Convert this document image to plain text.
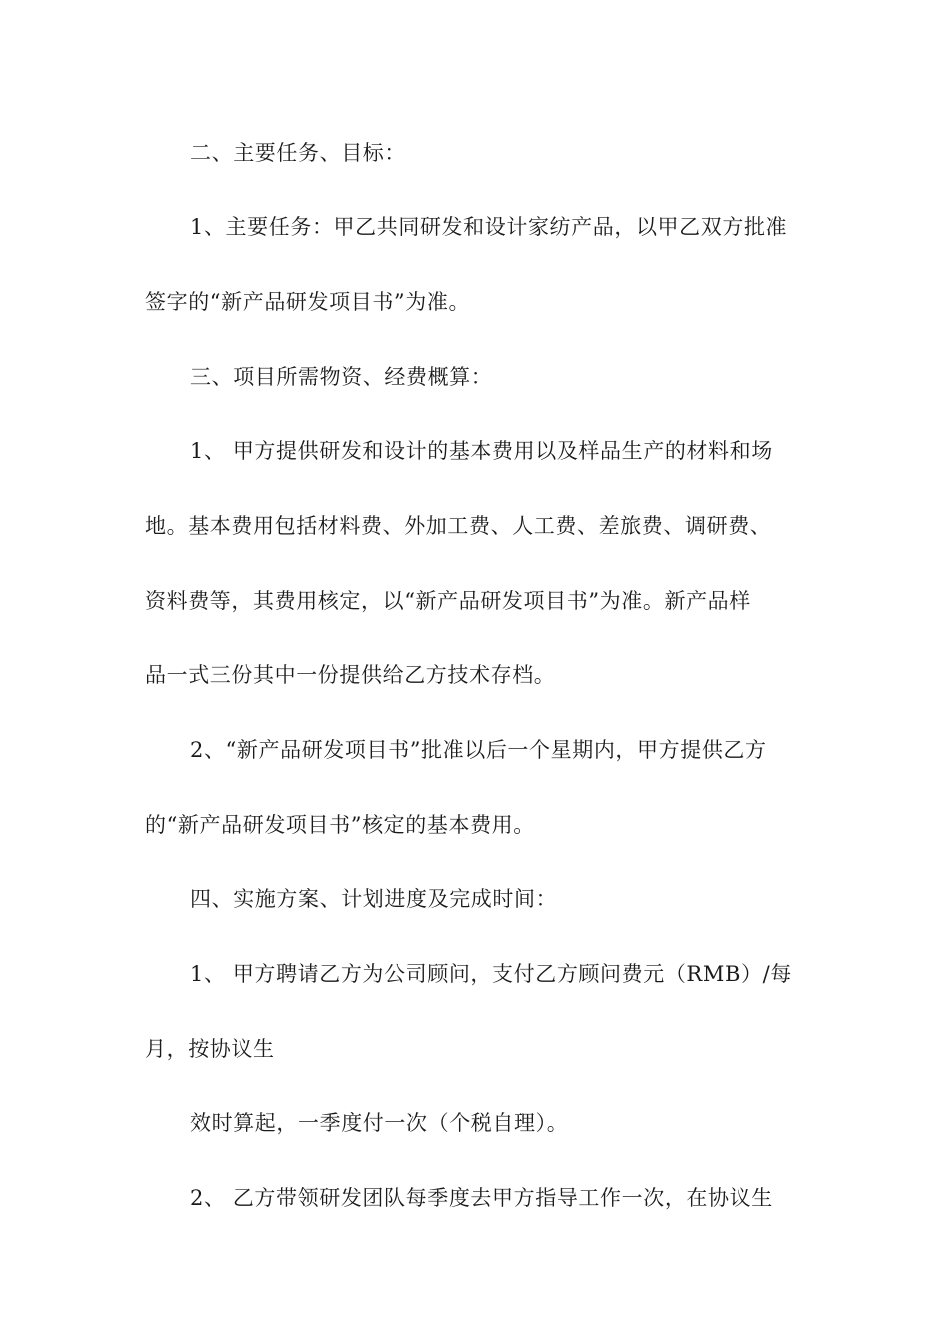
二、主要任务、目标：
1、主要任务：甲乙共同研发和设计家纺产品，以甲乙双方批准
签字的“新产品研发项目书”为准。
三、项目所需物资、经费概算：
1、 甲方提供研发和设计的基本费用以及样品生产的材料和场
地。基本费用包括材料费、外加工费、人工费、差旅费、调研费、
资料费等，其费用核定，以“新产品研发项目书”为准。新产品样
品一式三份其中一份提供给乙方技术存档。
2、“新产品研发项目书”批准以后一个星期内，甲方提供乙方
的“新产品研发项目书”核定的基本费用。
四、实施方案、计划进度及完成时间：
1、 甲方聘请乙方为公司顾问，支付乙方顾问费元（RMB）/每
月，按协议生
效时算起，一季度付一次（个税自理）。
2、 乙方带领研发团队每季度去甲方指导工作一次，在协议生
